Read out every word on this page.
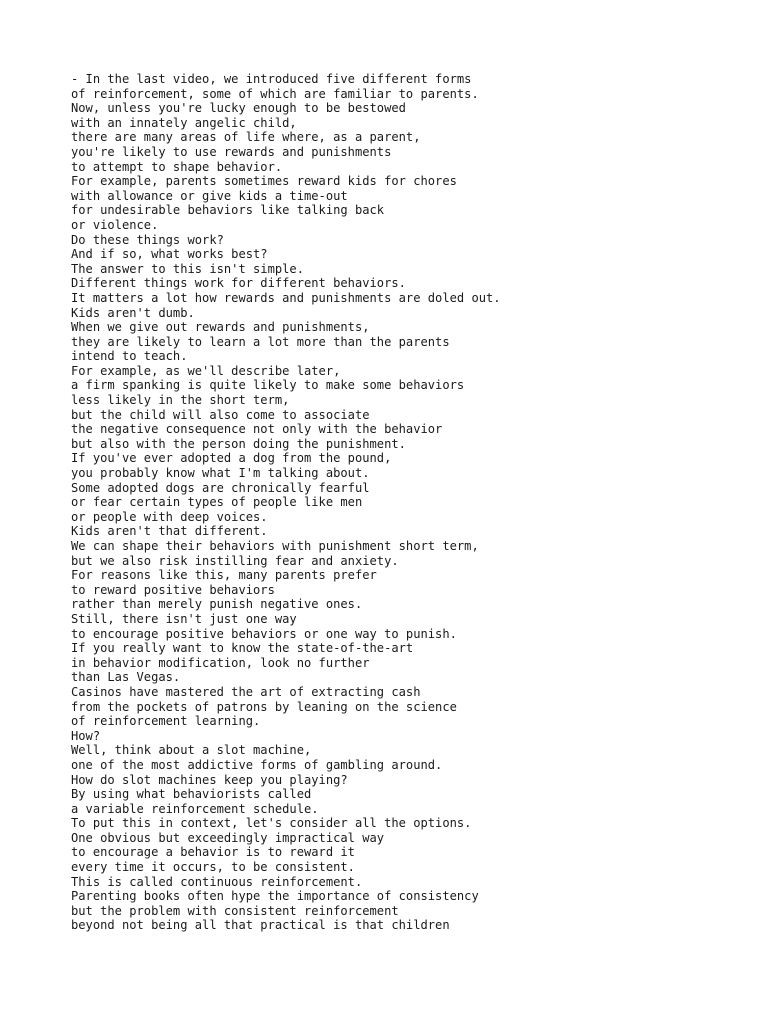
- In the last video, we introduced five different forms
of reinforcement, some of which are familiar to parents.
Now, unless you're lucky enough to be bestowed
with an innately angelic child,
there are many areas of life where, as a parent,
you're likely to use rewards and punishments
to attempt to shape behavior.
For example, parents sometimes reward kids for chores
with allowance or give kids a time-out
for undesirable behaviors like talking back
or violence.
Do these things work?
And if so, what works best?
The answer to this isn't simple.
Different things work for different behaviors.
It matters a lot how rewards and punishments are doled out.
Kids aren't dumb.
When we give out rewards and punishments,
they are likely to learn a lot more than the parents
intend to teach.
For example, as we'll describe later,
a firm spanking is quite likely to make some behaviors
less likely in the short term,
but the child will also come to associate
the negative consequence not only with the behavior
but also with the person doing the punishment.
If you've ever adopted a dog from the pound,
you probably know what I'm talking about.
Some adopted dogs are chronically fearful
or fear certain types of people like men
or people with deep voices.
Kids aren't that different.
We can shape their behaviors with punishment short term,
but we also risk instilling fear and anxiety.
For reasons like this, many parents prefer
to reward positive behaviors
rather than merely punish negative ones.
Still, there isn't just one way
to encourage positive behaviors or one way to punish.
If you really want to know the state-of-the-art
in behavior modification, look no further
than Las Vegas.
Casinos have mastered the art of extracting cash
from the pockets of patrons by leaning on the science
of reinforcement learning.
How?
Well, think about a slot machine,
one of the most addictive forms of gambling around.
How do slot machines keep you playing?
By using what behaviorists called
a variable reinforcement schedule.
To put this in context, let's consider all the options.
One obvious but exceedingly impractical way
to encourage a behavior is to reward it
every time it occurs, to be consistent.
This is called continuous reinforcement.
Parenting books often hype the importance of consistency
but the problem with consistent reinforcement
beyond not being all that practical is that children
